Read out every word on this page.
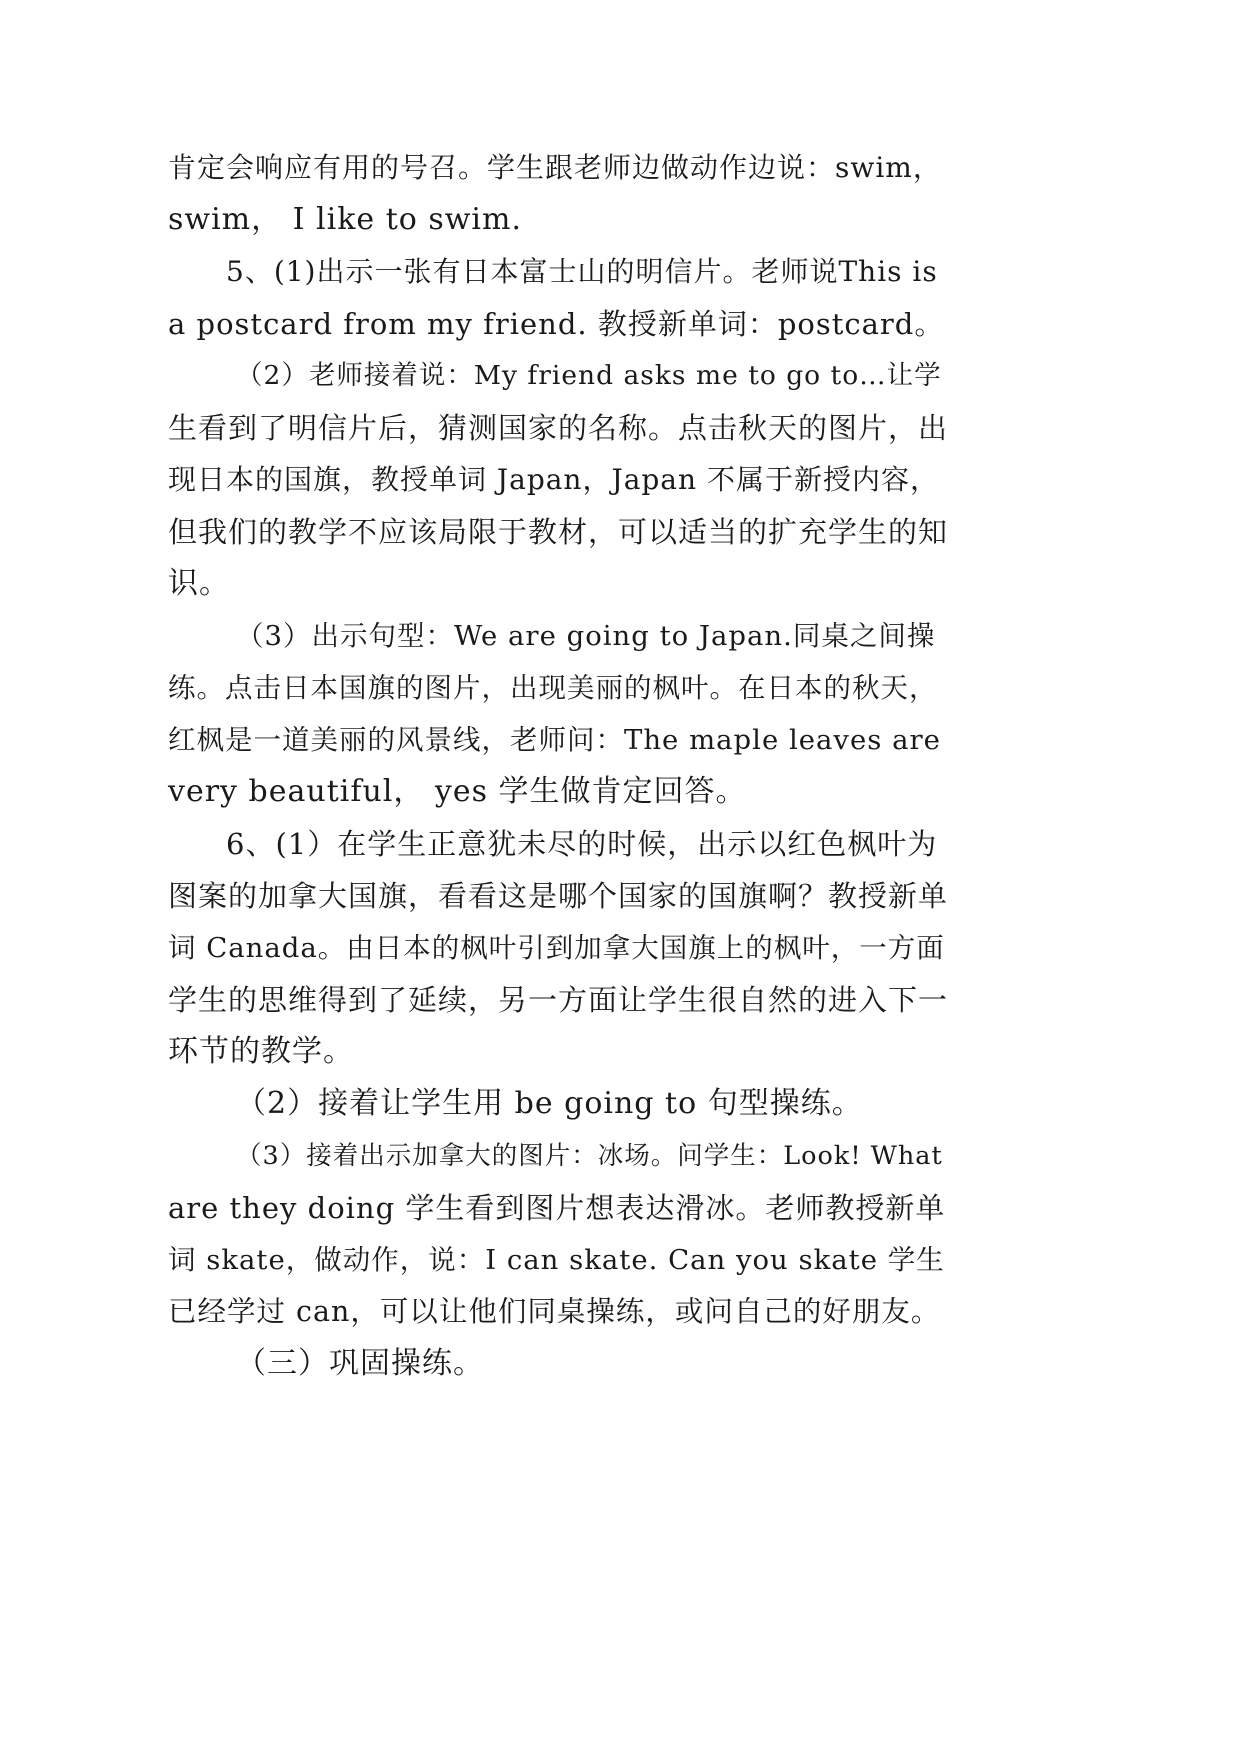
肯定会响应有用的号召。学生跟老师边做动作边说：swim，
swim， I like to swim.
5、(1)出示一张有日本富士山的明信片。老师说This is
a postcard from my friend. 教授新单词：postcard。
（2）老师接着说：My friend asks me to go to…让学
生看到了明信片后，猜测国家的名称。点击秋天的图片，出
现日本的国旗，教授单词 Japan，Japan 不属于新授内容，
但我们的教学不应该局限于教材，可以适当的扩充学生的知
识。
（3）出示句型：We are going to Japan.同桌之间操
练。点击日本国旗的图片，出现美丽的枫叶。在日本的秋天，
红枫是一道美丽的风景线，老师问：The maple leaves are
very beautiful， yes 学生做肯定回答。
6、(1）在学生正意犹未尽的时候，出示以红色枫叶为
图案的加拿大国旗，看看这是哪个国家的国旗啊？教授新单
词 Canada。由日本的枫叶引到加拿大国旗上的枫叶，一方面
学生的思维得到了延续，另一方面让学生很自然的进入下一
环节的教学。
（2）接着让学生用 be going to 句型操练。
（3）接着出示加拿大的图片：冰场。问学生：Look! What
are they doing 学生看到图片想表达滑冰。老师教授新单
词 skate，做动作，说：I can skate. Can you skate 学生
已经学过 can，可以让他们同桌操练，或问自己的好朋友。
（三）巩固操练。
